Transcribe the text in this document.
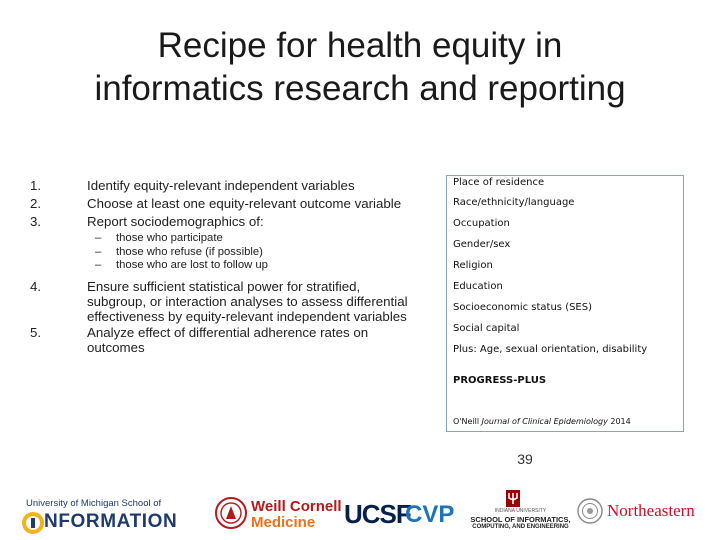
Recipe for health equity in
informatics research and reporting
1.	Identify equity-relevant independent variables
2.	Choose at least one equity-relevant outcome variable
3.	Report sociodemographics of:
– those who participate
– those who refuse (if possible)
– those who are lost to follow up
4.	Ensure sufficient statistical power for stratified, subgroup, or interaction analyses to assess differential effectiveness by equity-relevant independent variables
5.	Analyze effect of differential adherence rates on outcomes
Place of residence
Race/ethnicity/language
Occupation
Gender/sex
Religion
Education
Socioeconomic status (SES)
Social capital
Plus: Age, sexual orientation, disability
PROGRESS-PLUS
O'Neill Journal of Clinical Epidemiology 2014
39
University of Michigan School of
NFORMATION
Weill Cornell
Medicine UCSF
CVP	INDIANA UNIVERSITY
SCHOOL OF INFORMATICS,
COMPUTING, AND ENGINEERING
Northeastern
